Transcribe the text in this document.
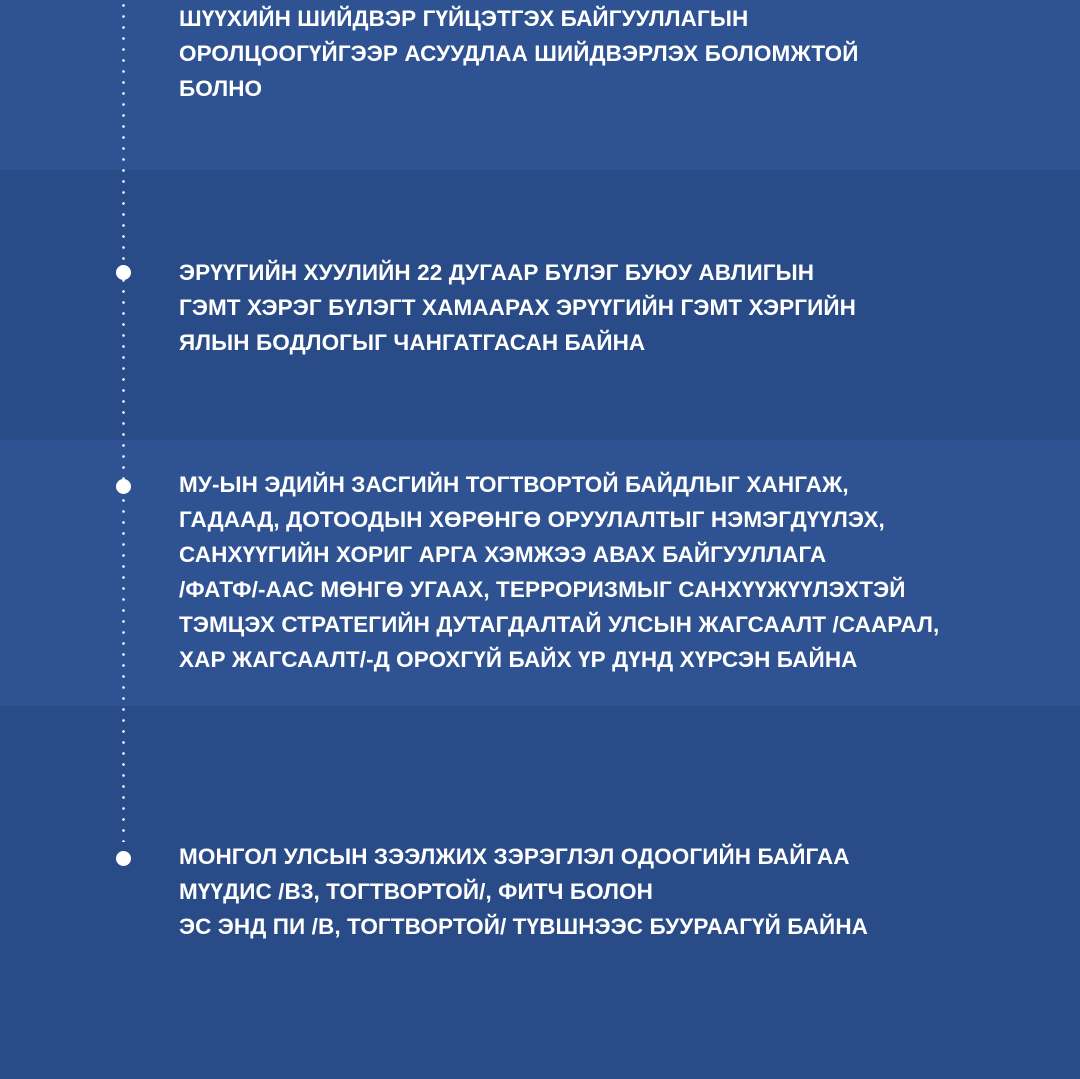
ШҮҮХИЙН ШИЙДВЭР ГҮЙЦЭТГЭХ БАЙГУУЛЛАГЫН
ОРОЛЦООГҮЙГЭЭР АСУУДЛАА ШИЙДВЭРЛЭХ БОЛОМЖТОЙ
БОЛНО

ЭРҮҮГИЙН ХУУЛИЙН 22 ДУГААР БҮЛЭГ БУЮУ АВЛИГЫН
ГЭМТ ХЭРЭГ БҮЛЭГТ ХАМААРАХ ЭРҮҮГИЙН ГЭМТ ХЭРГИЙН
ЯЛЫН БОДЛОГЫГ ЧАНГАТГАСАН БАЙНА

МУ-ЫН ЭДИЙН ЗАСГИЙН ТОГТВОРТОЙ БАЙДЛЫГ ХАНГАЖ,
ГАДААД, ДОТООДЫН ХӨРӨНГӨ ОРУУЛАЛТЫГ НЭМЭГДҮҮЛЭХ,
САНХҮҮГИЙН ХОРИГ АРГА ХЭМЖЭЭ АВАХ БАЙГУУЛЛАГА
/ФАТФ/-ААС МӨНГӨ УГААХ, ТЕРРОРИЗМЫГ САНХҮҮЖҮҮЛЭХТЭЙ
ТЭМЦЭХ СТРАТЕГИЙН ДУТАГДАЛТАЙ УЛСЫН ЖАГСААЛТ /СААРАЛ,
ХАР ЖАГСААЛТ/-Д ОРОХГҮЙ БАЙХ ҮР ДҮНД ХҮРСЭН БАЙНА

МОНГОЛ УЛСЫН ЗЭЭЛЖИХ ЗЭРЭГЛЭЛ ОДООГИЙН БАЙГАА
МҮҮДИС /B3, ТОГТВОРТОЙ/, ФИТЧ БОЛОН
ЭС ЭНД ПИ /B, ТОГТВОРТОЙ/ ТҮВШНЭЭС БУУРААГҮЙ БАЙНА
